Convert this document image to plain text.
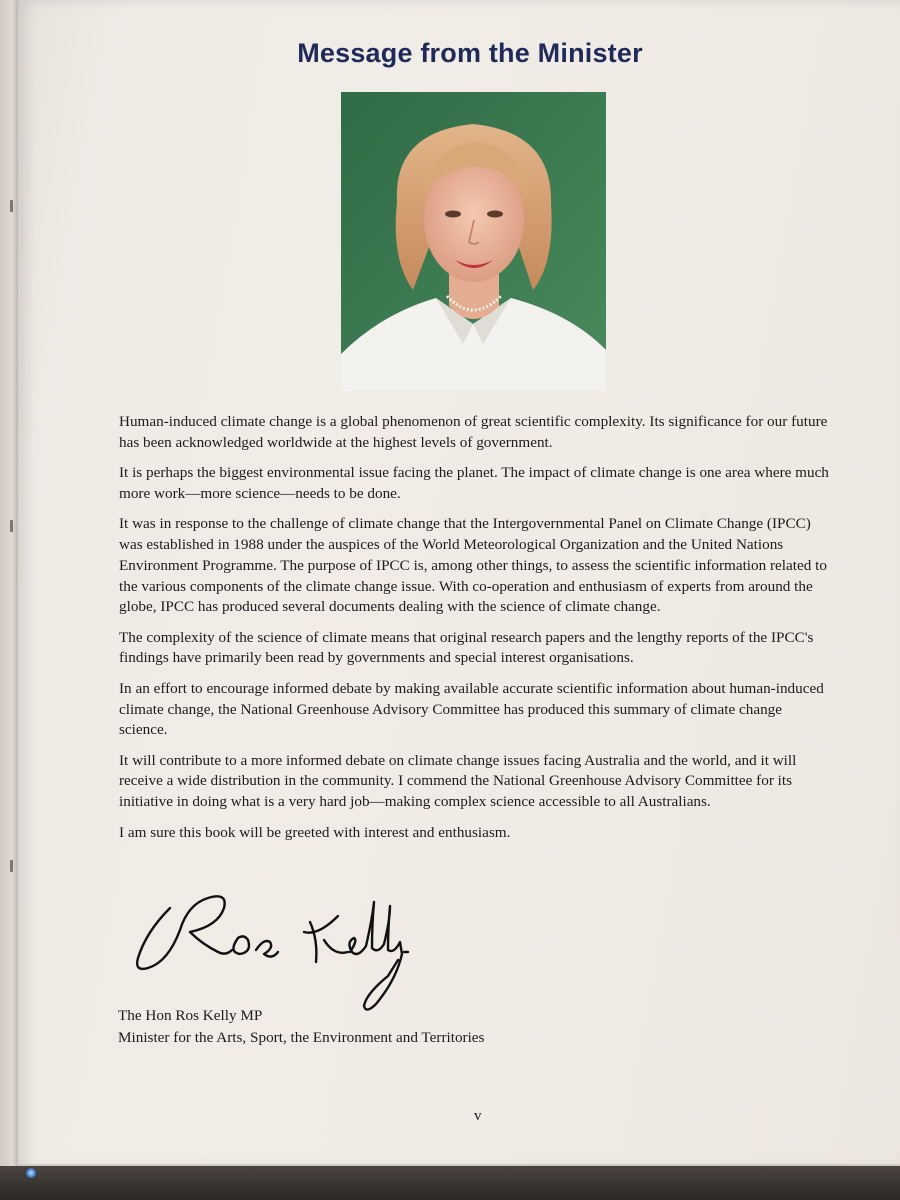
Message from the Minister

Human-induced climate change is a global phenomenon of great scientific complexity. Its significance for our future has been acknowledged worldwide at the highest levels of government.

It is perhaps the biggest environmental issue facing the planet. The impact of climate change is one area where much more work—more science—needs to be done.

It was in response to the challenge of climate change that the Intergovernmental Panel on Climate Change (IPCC) was established in 1988 under the auspices of the World Meteorological Organization and the United Nations Environment Programme. The purpose of IPCC is, among other things, to assess the scientific information related to the various components of the climate change issue. With co-operation and enthusiasm of experts from around the globe, IPCC has produced several documents dealing with the science of climate change.

The complexity of the science of climate means that original research papers and the lengthy reports of the IPCC's findings have primarily been read by governments and special interest organisations.

In an effort to encourage informed debate by making available accurate scientific information about human-induced climate change, the National Greenhouse Advisory Committee has produced this summary of climate change science.

It will contribute to a more informed debate on climate change issues facing Australia and the world, and it will receive a wide distribution in the community. I commend the National Greenhouse Advisory Committee for its initiative in doing what is a very hard job—making complex science accessible to all Australians.

I am sure this book will be greeted with interest and enthusiasm.

The Hon Ros Kelly MP
Minister for the Arts, Sport, the Environment and Territories
v
